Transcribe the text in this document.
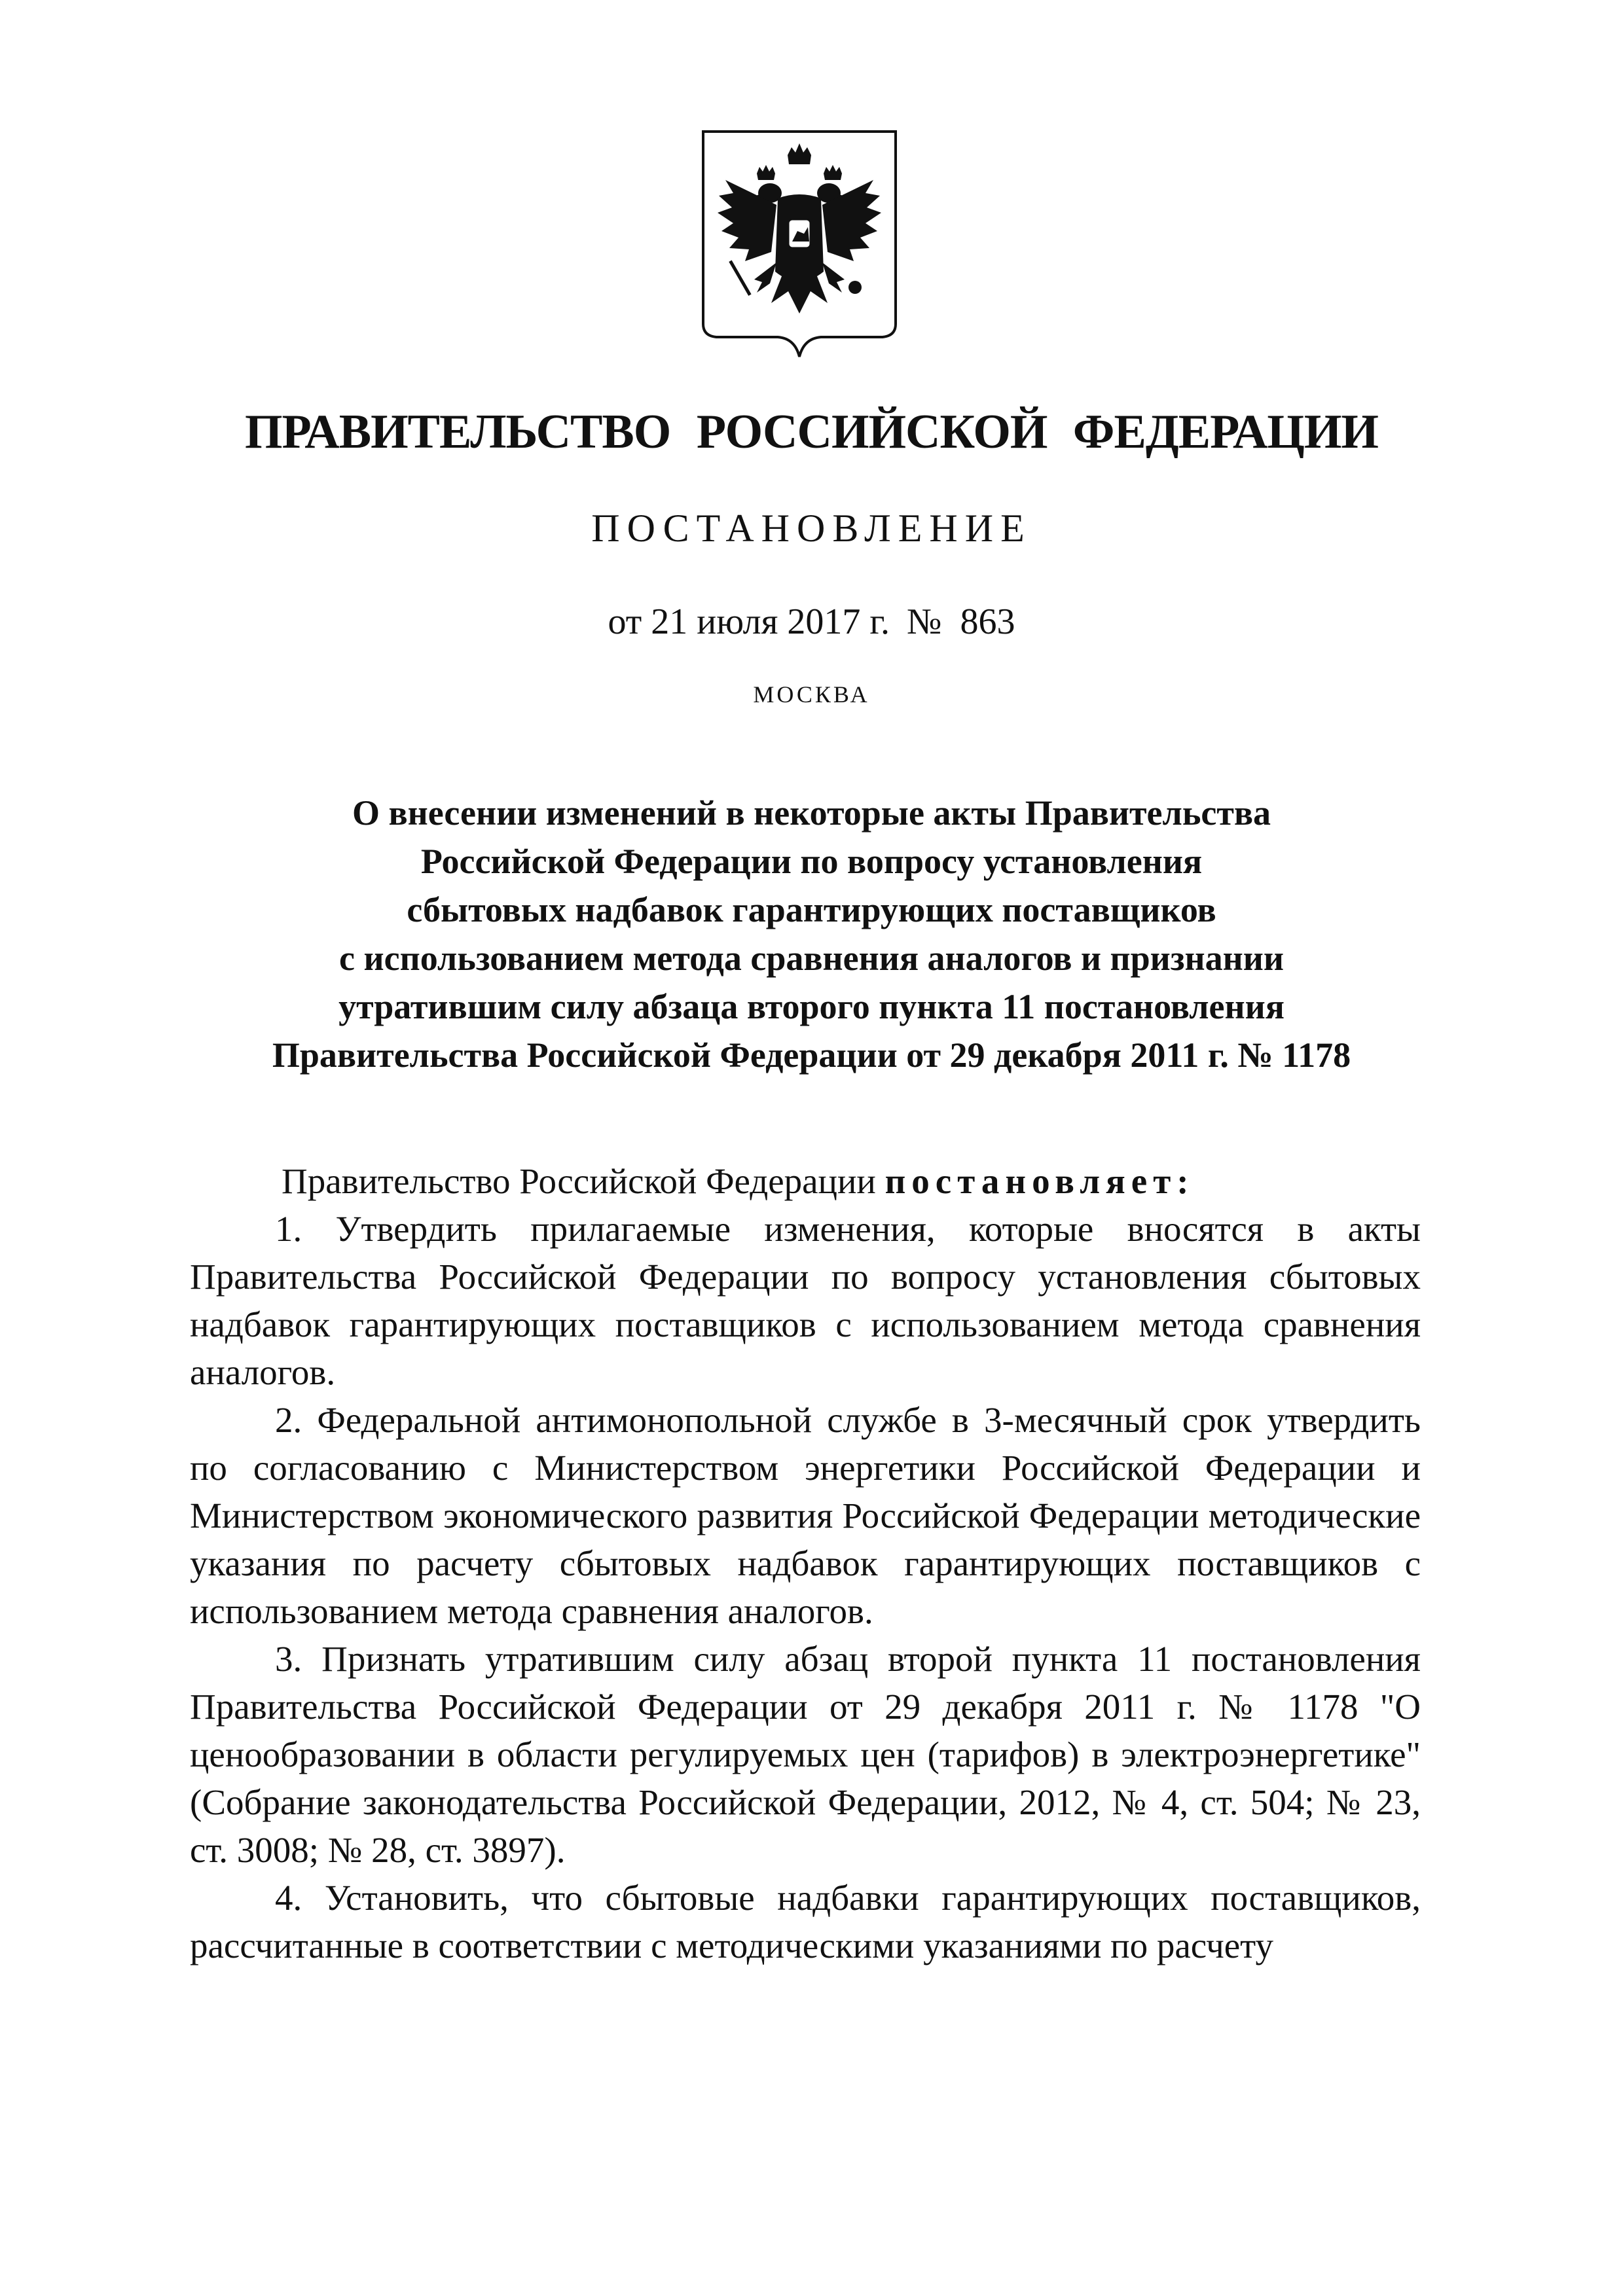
ПРАВИТЕЛЬСТВО РОССИЙСКОЙ ФЕДЕРАЦИИ
ПОСТАНОВЛЕНИЕ
от 21 июля 2017 г. №  863
МОСКВА
О внесении изменений в некоторые акты Правительства
Российской Федерации по вопросу установления
сбытовых надбавок гарантирующих поставщиков
с использованием метода сравнения аналогов и признании
утратившим силу абзаца второго пункта 11 постановления
Правительства Российской Федерации от 29 декабря 2011 г. № 1178

Правительство Российской Федерации постановляет:

1. Утвердить прилагаемые изменения, которые вносятся в акты Правительства Российской Федерации по вопросу установления сбытовых надбавок гарантирующих поставщиков с использованием метода сравнения аналогов.

2. Федеральной антимонопольной службе в 3-месячный срок утвердить по согласованию с Министерством энергетики Российской Федерации и Министерством экономического развития Российской Федерации методические указания по расчету сбытовых надбавок гарантирующих поставщиков с использованием метода сравнения аналогов.

3. Признать утратившим силу абзац второй пункта 11 постановления Правительства Российской Федерации от 29 декабря 2011 г. № 1178 "О ценообразовании в области регулируемых цен (тарифов) в электроэнергетике" (Собрание законодательства Российской Федерации, 2012, № 4, ст. 504; № 23, ст. 3008; № 28, ст. 3897).

4. Установить, что сбытовые надбавки гарантирующих поставщиков, рассчитанные в соответствии с методическими указаниями по расчету
